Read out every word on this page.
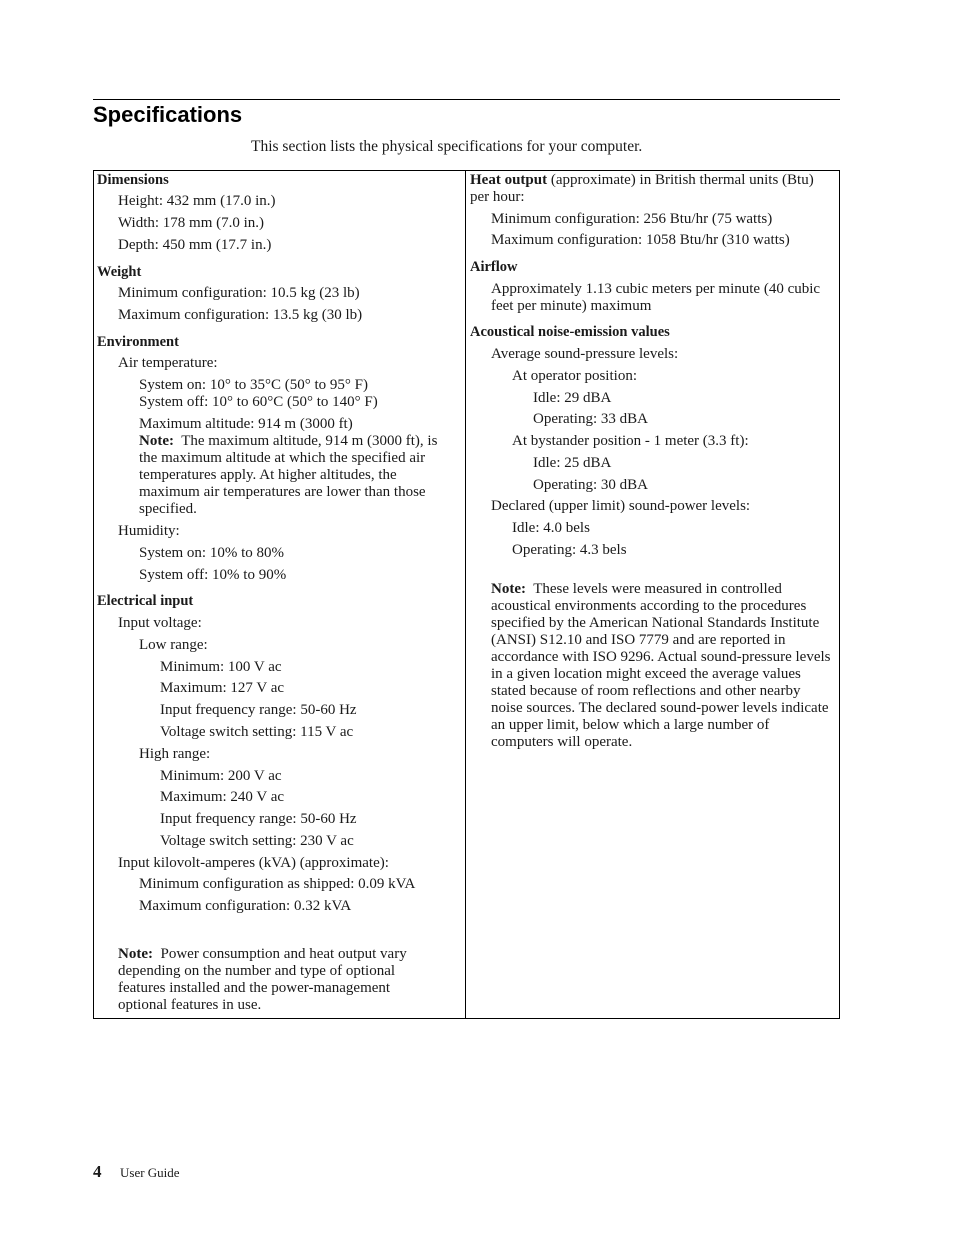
Specifications

This section lists the physical specifications for your computer.

Dimensions

Height: 432 mm (17.0 in.)

Width: 178 mm (7.0 in.)

Depth: 450 mm (17.7 in.)

Weight

Minimum configuration: 10.5 kg (23 lb)

Maximum configuration: 13.5 kg (30 lb)

Environment

Air temperature:

System on: 10° to 35°C (50° to 95° F)

System off: 10° to 60°C (50° to 140° F)

Maximum altitude: 914 m (3000 ft)

Note: The maximum altitude, 914 m (3000 ft), is the maximum altitude at which the specified air temperatures apply. At higher altitudes, the maximum air temperatures are lower than those specified.

Humidity:

System on: 10% to 80%

System off: 10% to 90%

Electrical input

Input voltage:

Low range:

Minimum: 100 V ac

Maximum: 127 V ac

Input frequency range: 50-60 Hz

Voltage switch setting: 115 V ac

High range:

Minimum: 200 V ac

Maximum: 240 V ac

Input frequency range: 50-60 Hz

Voltage switch setting: 230 V ac

Input kilovolt-amperes (kVA) (approximate):

Minimum configuration as shipped: 0.09 kVA

Maximum configuration: 0.32 kVA

Note: Power consumption and heat output vary depending on the number and type of optional features installed and the power-management optional features in use.

Heat output (approximate) in British thermal units (Btu) per hour:

Minimum configuration: 256 Btu/hr (75 watts)

Maximum configuration: 1058 Btu/hr (310 watts)

Airflow

Approximately 1.13 cubic meters per minute (40 cubic feet per minute) maximum

Acoustical noise-emission values

Average sound-pressure levels:

At operator position:

Idle: 29 dBA

Operating: 33 dBA

At bystander position - 1 meter (3.3 ft):

Idle: 25 dBA

Operating: 30 dBA

Declared (upper limit) sound-power levels:

Idle: 4.0 bels

Operating: 4.3 bels

Note: These levels were measured in controlled acoustical environments according to the procedures specified by the American National Standards Institute (ANSI) S12.10 and ISO 7779 and are reported in accordance with ISO 9296. Actual sound-pressure levels in a given location might exceed the average values stated because of room reflections and other nearby noise sources. The declared sound-power levels indicate an upper limit, below which a large number of computers will operate.

4 User Guide
